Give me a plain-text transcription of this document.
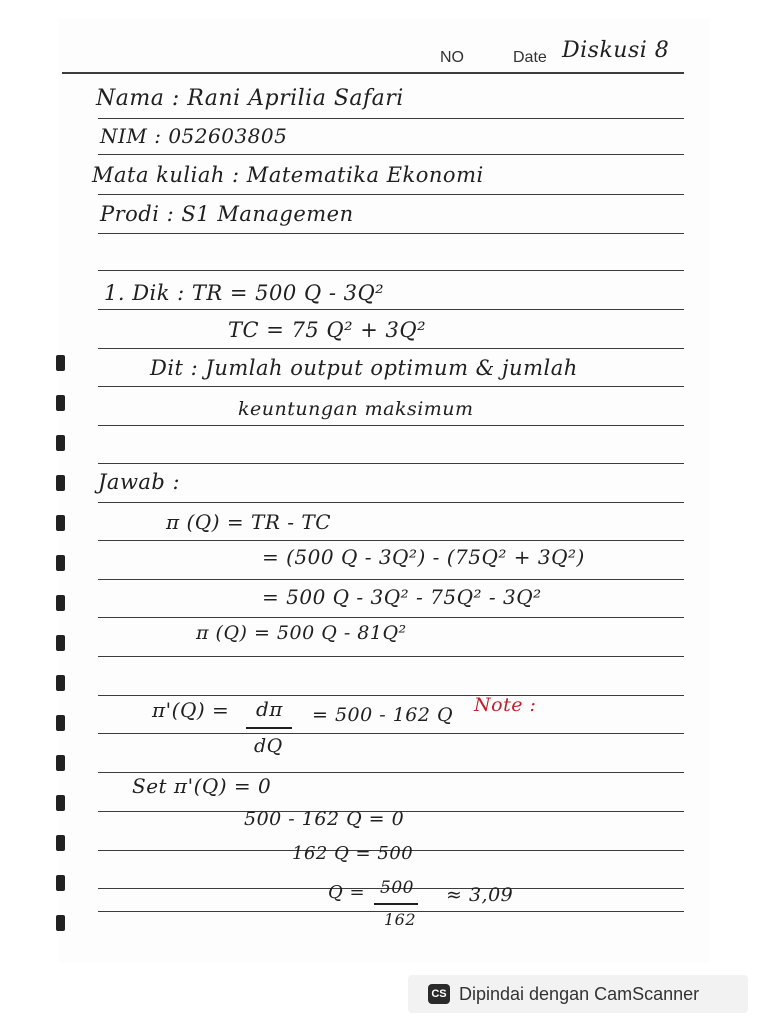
NO	Date Diskusi 8
Nama : Rani Aprilia Safari
NIM : 052603805
Mata kuliah : Matematika Ekonomi
Prodi : S1 Managemen
1. Dik : TR = 500 Q - 3Q²
TC = 75 Q² + 3Q²
Dit : Jumlah output optimum & jumlah
keuntungan maksimum
Jawab :
π (Q) = TR - TC
= (500 Q - 3Q²) - (75Q² + 3Q²)
= 500 Q - 3Q² - 75Q² - 3Q²
π (Q) = 500 Q - 81Q²
π'(Q) = dπ
dQ
= 500 - 162 Q Note :
Set π'(Q) = 0
500 - 162 Q = 0
162 Q = 500
Q = 500
162
≈ 3,09
CS Dipindai dengan CamScanner
